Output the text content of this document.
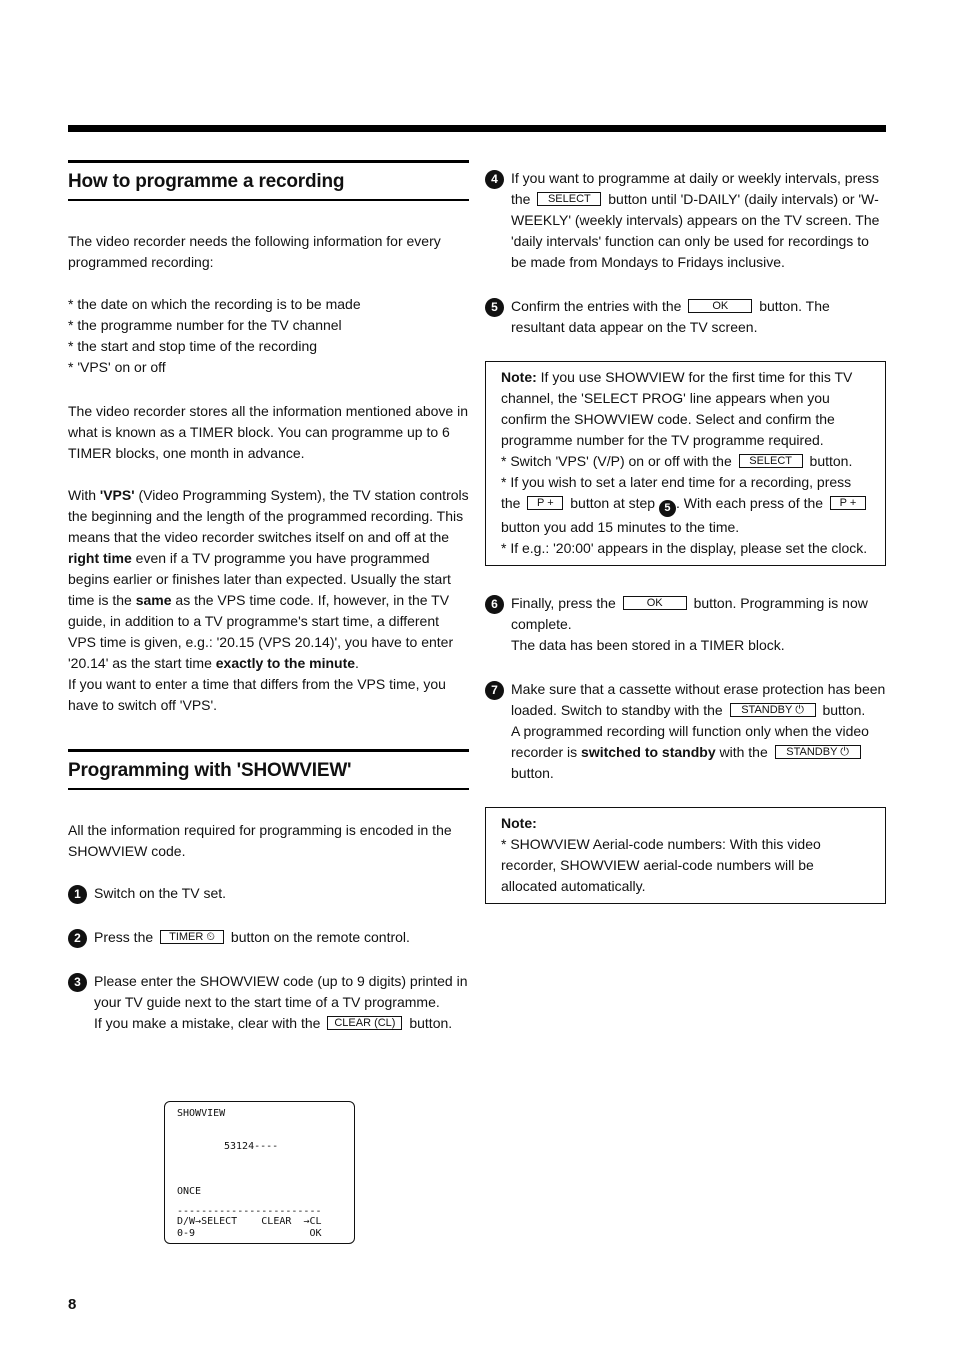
How to programme a recording

The video recorder needs the following information for every programmed recording:

* the date on which the recording is to be made
* the programme number for the TV channel
* the start and stop time of the recording
* 'VPS' on or off

The video recorder stores all the information mentioned above in what is known as a TIMER block. You can programme up to 6 TIMER blocks, one month in advance.

With 'VPS' (Video Programming System), the TV station controls the beginning and the length of the programmed recording. This means that the video recorder switches itself on and off at the right time even if a TV programme you have programmed begins earlier or finishes later than expected. Usually the start time is the same as the VPS time code. If, however, in the TV guide, in addition to a TV programme's start time, a different VPS time is given, e.g.: '20.15 (VPS 20.14)', you have to enter '20.14' as the start time exactly to the minute.

If you want to enter a time that differs from the VPS time, you have to switch off 'VPS'.

Programming with 'SHOWVIEW'

All the information required for programming is encoded in the SHOWVIEW code.

1 Switch on the TV set.
2 Press the TIMER ⏲ button on the remote control.
3 Please enter the SHOWVIEW code (up to 9 digits) printed in your TV guide next to the start time of a TV programme.
If you make a mistake, clear with the CLEAR (CL) button.
SHOWVIEW
53124----
ONCE
------------------------
D/W→SELECT    CLEAR  →CL
0-9                   OK
4 If you want to programme at daily or weekly intervals, press the SELECT button until 'D-DAILY' (daily intervals) or 'W-WEEKLY' (weekly intervals) appears on the TV screen. The 'daily intervals' function can only be used for recordings to be made from Mondays to Fridays inclusive.
5 Confirm the entries with the	OK button. The resultant data appear on the TV screen.
Note: If you use SHOWVIEW for the first time for this TV channel, the 'SELECT PROG' line appears when you confirm the SHOWVIEW code. Select and confirm the programme number for the TV programme required.
* Switch 'VPS' (V/P) on or off with the SELECT button.
* If you wish to set a later end time for a recording, press the P + button at step 5 . With each press of the P + button you add 15 minutes to the time.
* If e.g.: '20:00' appears in the display, please set the clock.
6 Finally, press the	OK button. Programming is now complete.
The data has been stored in a TIMER block.
7 Make sure that a cassette without erase protection has been loaded. Switch to standby with the STANDBY ⏻ button.
A programmed recording will function only when the video recorder is switched to standby with the STANDBY ⏻ button.
Note:
* SHOWVIEW Aerial-code numbers: With this video recorder, SHOWVIEW aerial-code numbers will be allocated automatically.
8
